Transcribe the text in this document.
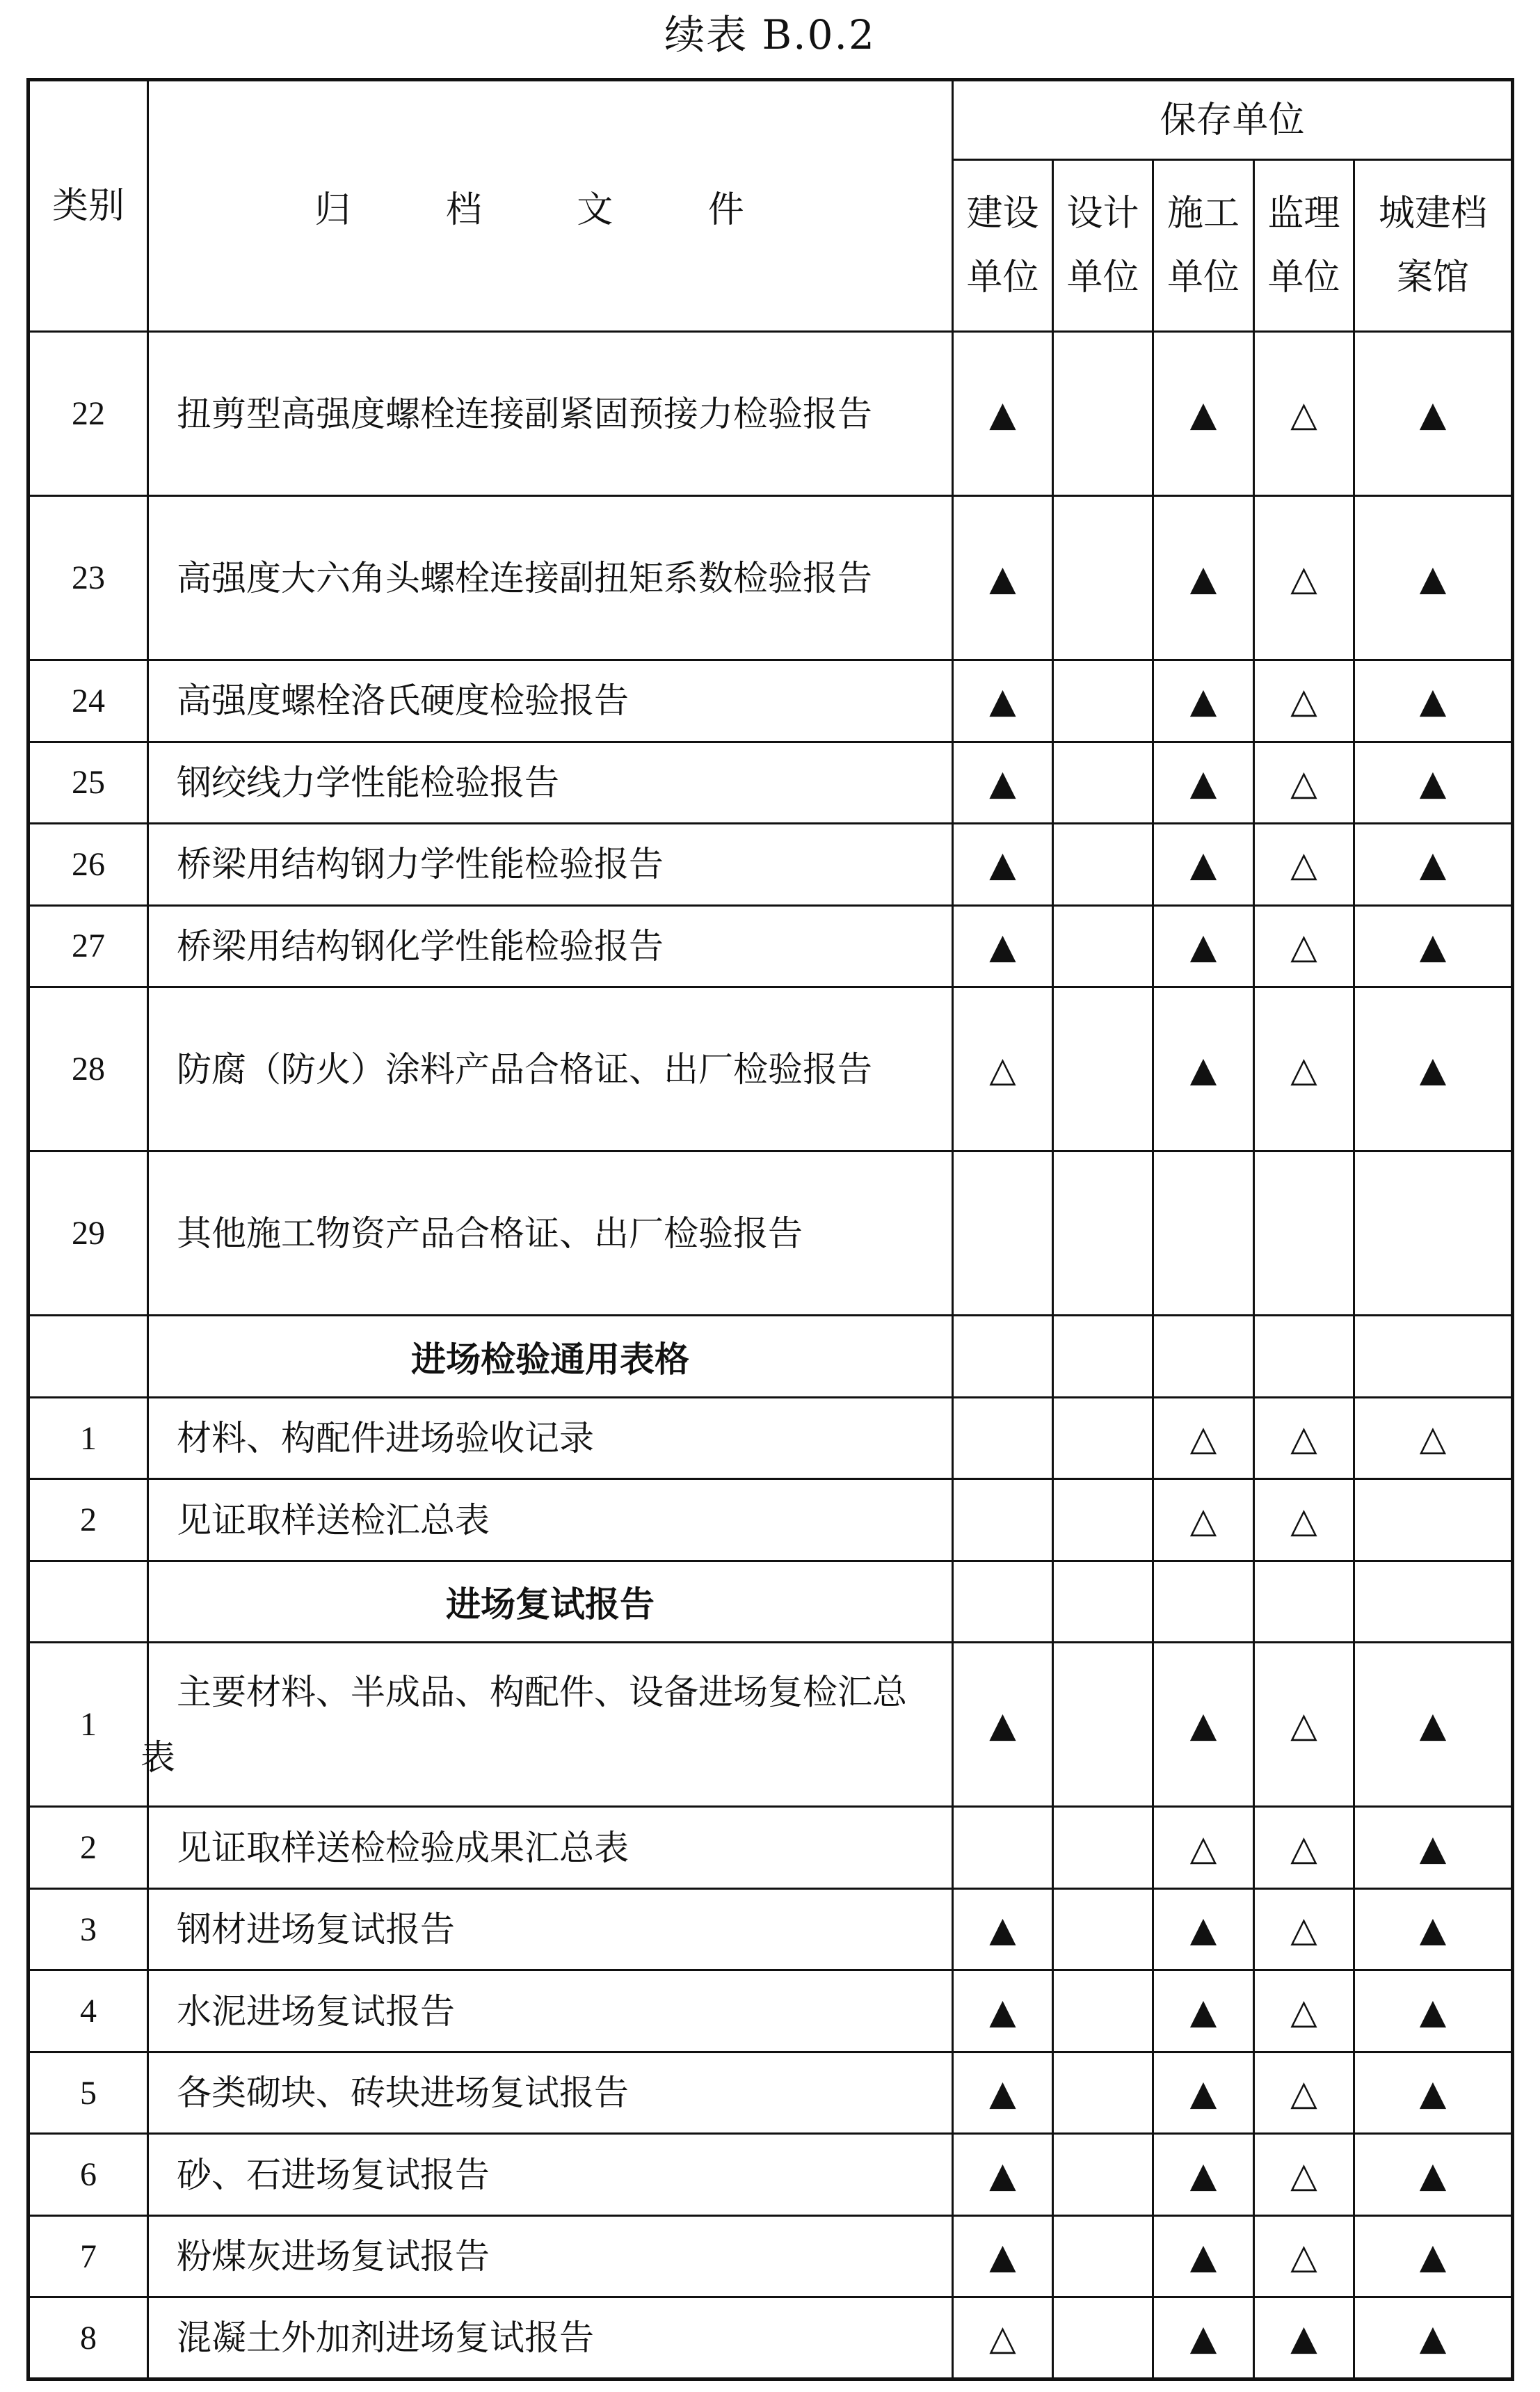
续表 B.0.2
类别	归 档 文 件	保存单位				

		建设单位	设计单位	施工单位	监理单位	城建档案馆

22	扭剪型高强度螺栓连接副紧固预接力检验报告	▲		▲	△	▲
23	高强度大六角头螺栓连接副扭矩系数检验报告	▲		▲	△	▲
24	高强度螺栓洛氏硬度检验报告	▲		▲	△	▲
25	钢绞线力学性能检验报告	▲		▲	△	▲
26	桥梁用结构钢力学性能检验报告	▲		▲	△	▲
27	桥梁用结构钢化学性能检验报告	▲		▲	△	▲
28	防腐（防火）涂料产品合格证、出厂检验报告	△		▲	△	▲
29	其他施工物资产品合格证、出厂检验报告					

	进场检验通用表格					
1	材料、构配件进场验收记录			△	△	△
2	见证取样送检汇总表			△	△	
	进场复试报告					
1	主要材料、半成品、构配件、设备进场复检汇总表	▲		▲	△	▲
2	见证取样送检检验成果汇总表			△	△	▲
3	钢材进场复试报告	▲		▲	△	▲
4	水泥进场复试报告	▲		▲	△	▲
5	各类砌块、砖块进场复试报告	▲		▲	△	▲
6	砂、石进场复试报告	▲		▲	△	▲
7	粉煤灰进场复试报告	▲		▲	△	▲
8	混凝土外加剂进场复试报告	△		▲	▲	▲
